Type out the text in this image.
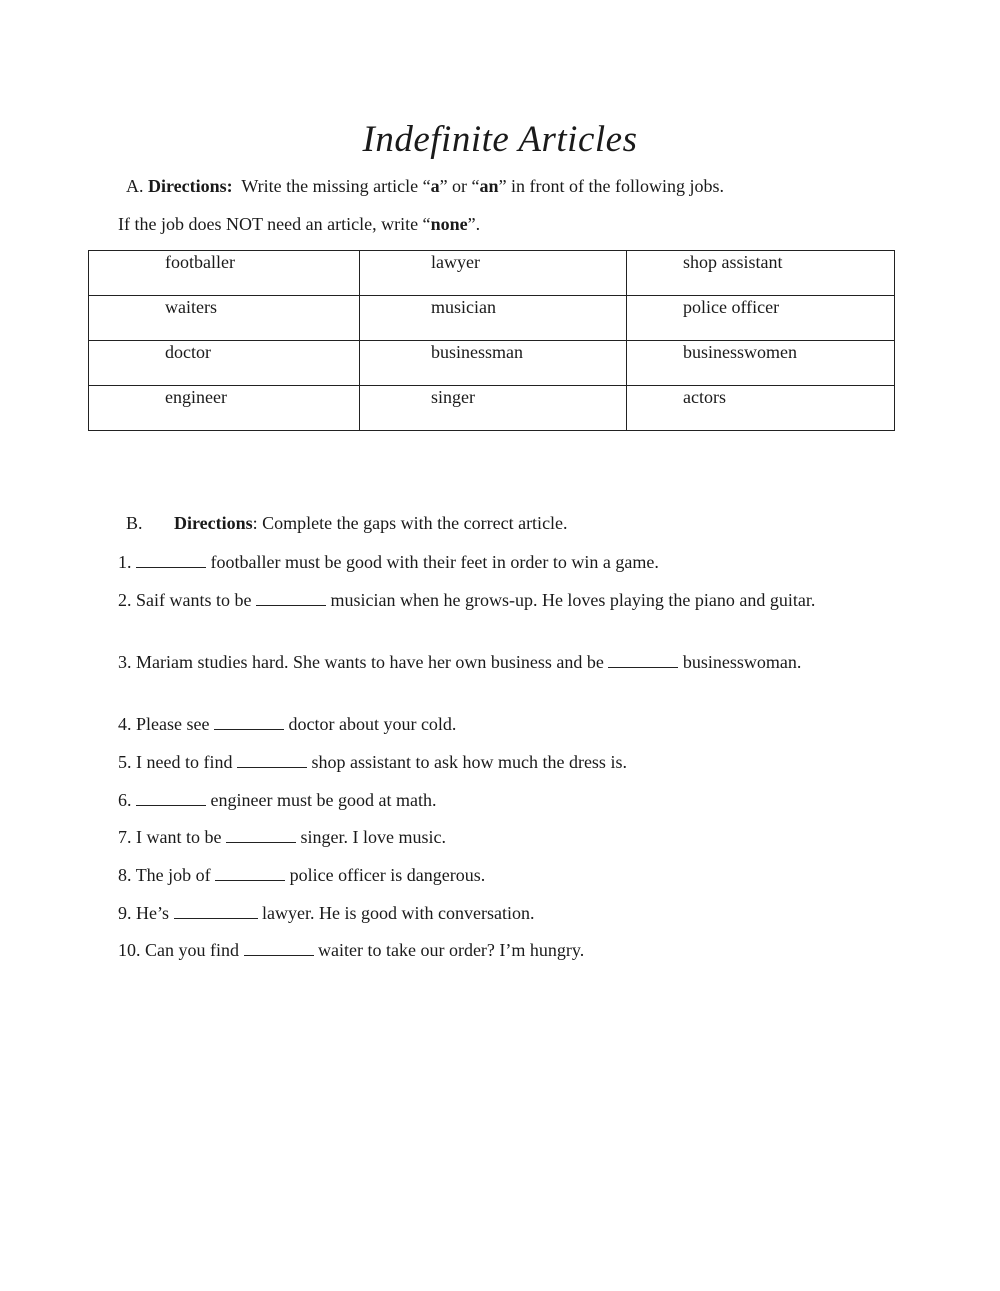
Indefinite Articles
A. Directions: Write the missing article “a” or “an” in front of the following jobs.
If the job does NOT need an article, write “none”.
footballer	lawyer	shop assistant
waiters	musician	police officer
doctor	businessman	businesswomen
engineer	singer	actors
B. Directions: Complete the gaps with the correct article.
1.	footballer must be good with their feet in order to win a game.
2. Saif wants to be	musician when he grows-up. He loves playing the piano and guitar.
3. Mariam studies hard. She wants to have her own business and be	businesswoman.
4. Please see	doctor about your cold.
5. I need to find	shop assistant to ask how much the dress is.
6.	engineer must be good at math.
7. I want to be	singer. I love music.
8. The job of	police officer is dangerous.
9. He’s	lawyer. He is good with conversation.
10. Can you find	waiter to take our order? I’m hungry.
